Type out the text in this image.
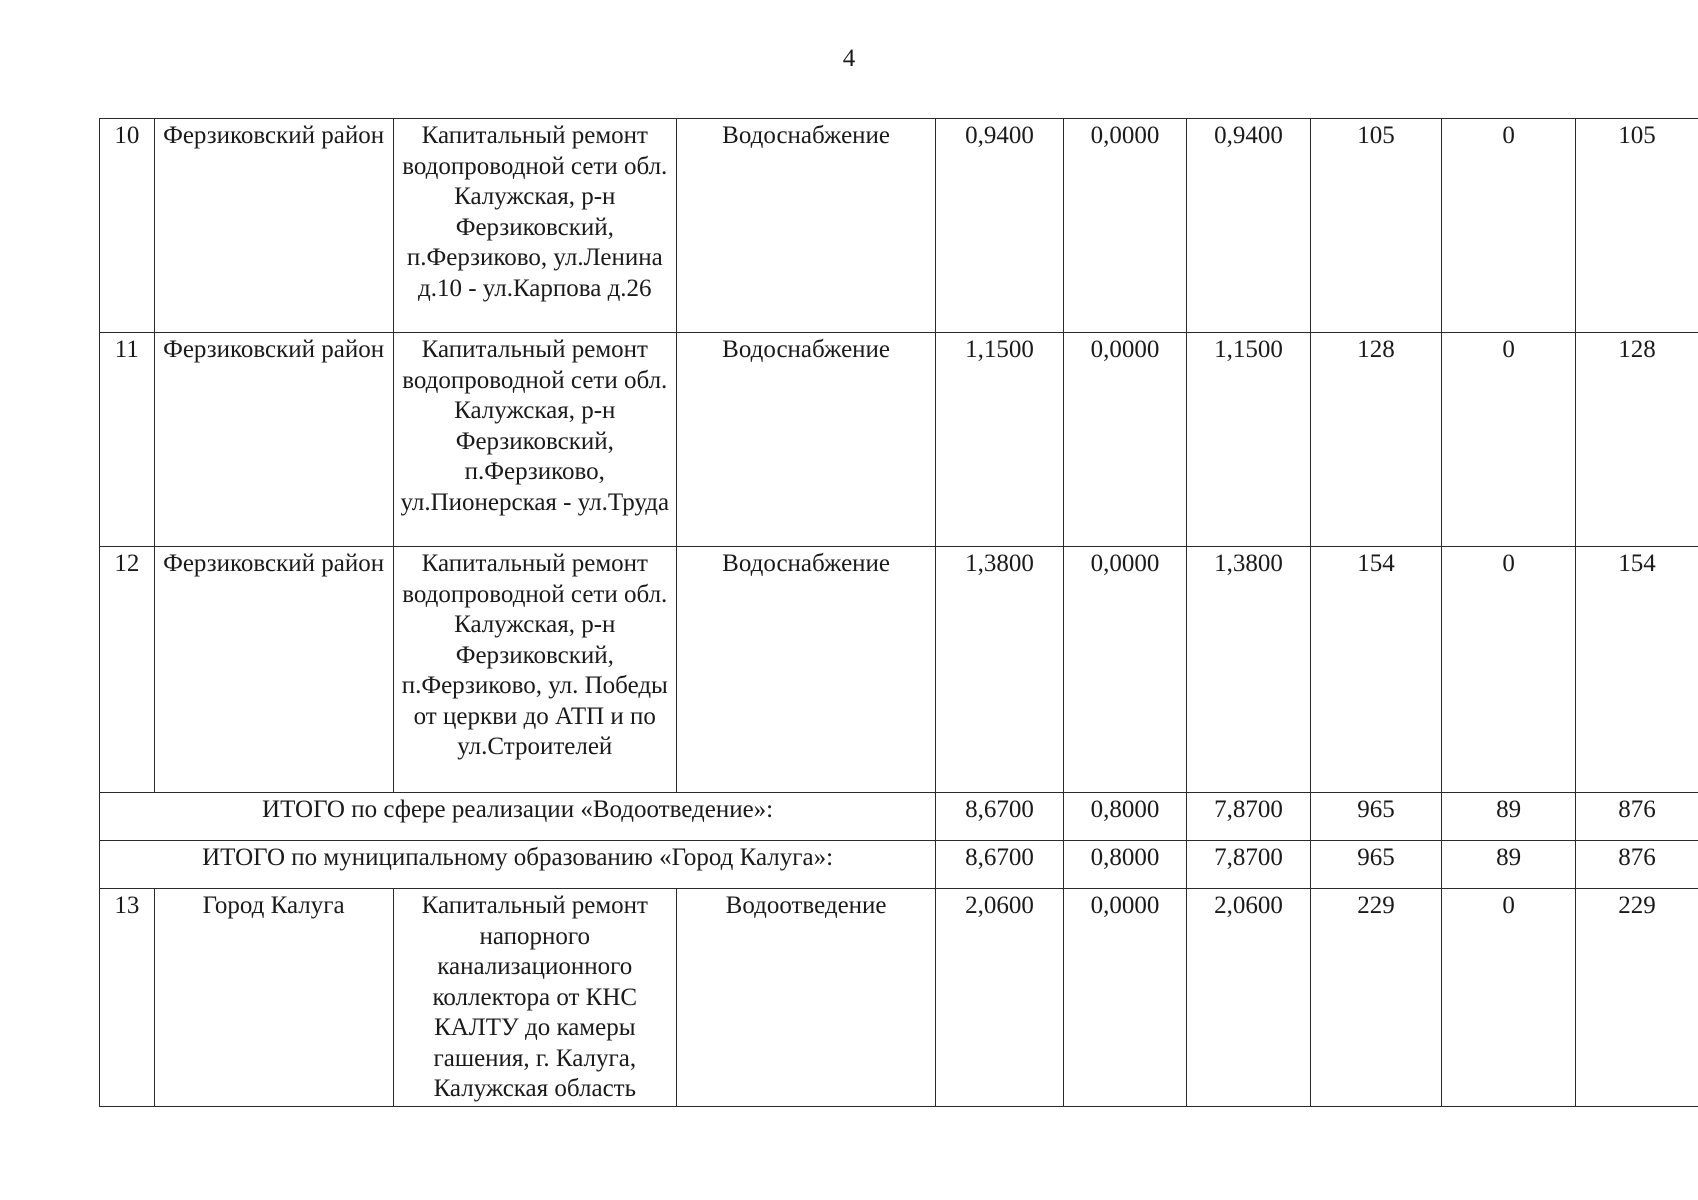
4
10	Ферзиковский район	Капитальный ремонт водопроводной сети обл. Калужская, р-н Ферзиковский, п.Ферзиково, ул.Ленина д.10 - ул.Карпова д.26	Водоснабжение	0,9400	0,0000	0,9400	105	0	105
11	Ферзиковский район	Капитальный ремонт водопроводной сети обл. Калужская, р-н Ферзиковский, п.Ферзиково, ул.Пионерская - ул.Труда	Водоснабжение	1,1500	0,0000	1,1500	128	0	128
12	Ферзиковский район	Капитальный ремонт водопроводной сети обл. Калужская, р-н Ферзиковский, п.Ферзиково, ул. Победы от церкви до АТП и по ул.Строителей	Водоснабжение	1,3800	0,0000	1,3800	154	0	154
ИТОГО по сфере реализации «Водоотведение»:				8,6700	0,8000	7,8700	965	89	876
ИТОГО по муниципальному образованию «Город Калуга»:				8,6700	0,8000	7,8700	965	89	876
13	Город Калуга	Капитальный ремонт напорного канализационного коллектора от КНС КАЛТУ до камеры гашения, г. Калуга, Калужская область	Водоотведение	2,0600	0,0000	2,0600	229	0	229
